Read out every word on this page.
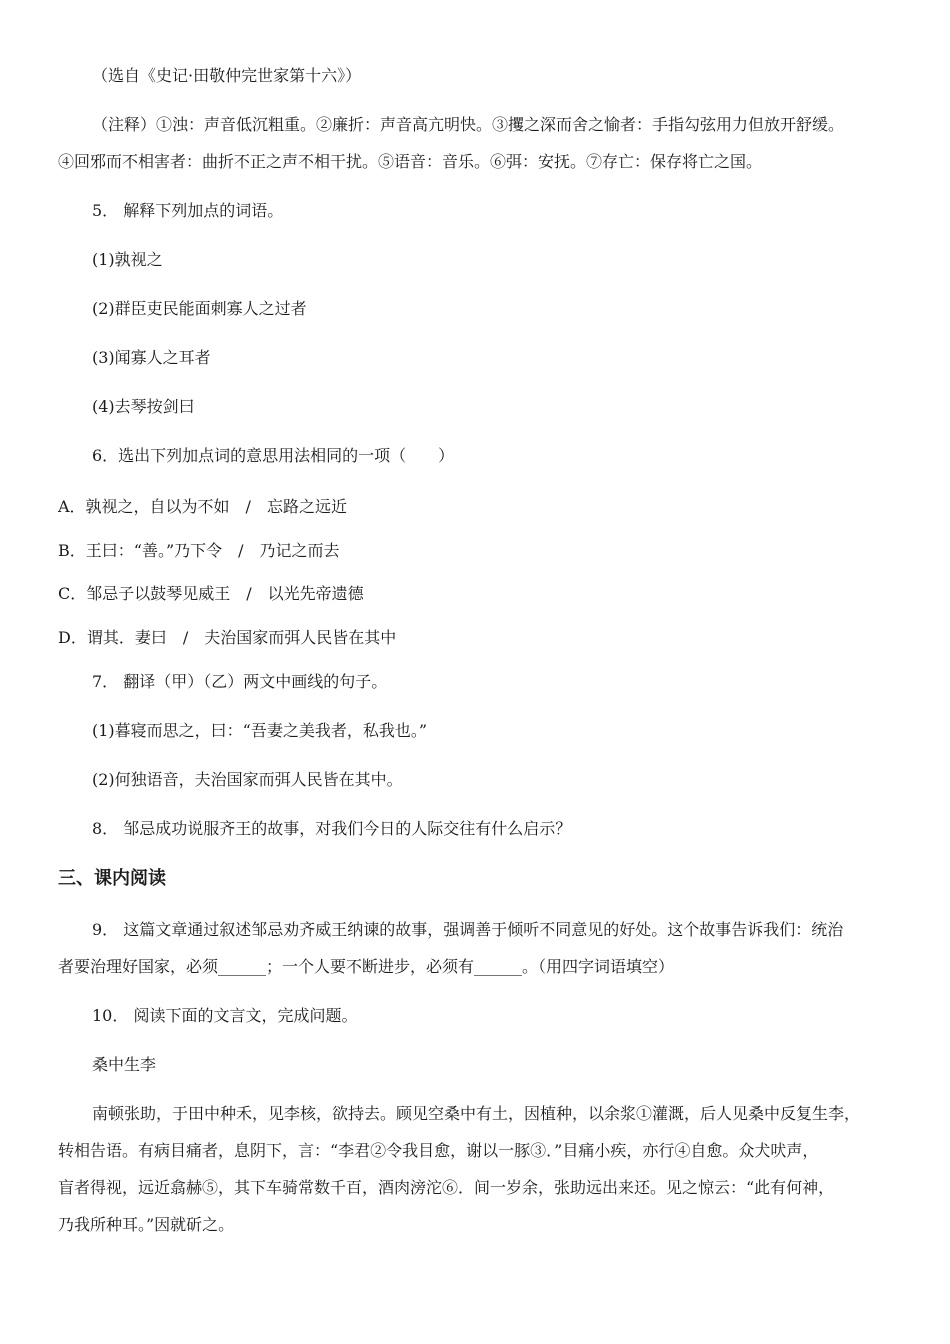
（选自《史记·田敬仲完世家第十六》）
（注释）①浊：声音低沉粗重。②廉折：声音高亢明快。③攫之深而舍之愉者：手指勾弦用力但放开舒缓。
④回邪而不相害者：曲折不正之声不相干扰。⑤语音：音乐。⑥弭：安抚。⑦存亡：保存将亡之国。
5． 解释下列加点的词语。
(1)孰视之
(2)群臣吏民能面刺寡人之过者
(3)闻寡人之耳者
(4)去琴按剑曰
6．选出下列加点词的意思用法相同的一项（　　）
A．孰视之，自以为不如　/　忘路之远近
B．王曰：“善。”乃下令　/　乃记之而去
C．邹忌子以鼓琴见威王　/　以光先帝遗德
D．谓其．妻曰　/　夫治国家而弭人民皆在其中
7． 翻译（甲）（乙）两文中画线的句子。
(1)暮寝而思之，曰：“吾妻之美我者，私我也。”
(2)何独语音，夫治国家而弭人民皆在其中。
8． 邹忌成功说服齐王的故事，对我们今日的人际交往有什么启示？
三、课内阅读
9． 这篇文章通过叙述邹忌劝齐威王纳谏的故事，强调善于倾听不同意见的好处。这个故事告诉我们：统治
者要治理好国家，必须______；一个人要不断进步，必须有______。（用四字词语填空）
10． 阅读下面的文言文，完成问题。
桑中生李
南顿张助，于田中种禾，见李核，欲持去。顾见空桑中有土，因植种，以余浆①灌溉，后人见桑中反复生李，
转相告语。有病目痛者，息阴下，言：“李君②令我目愈，谢以一豚③．”目痛小疾，亦行④自愈。众犬吠声，
盲者得视，远近翕赫⑤，其下车骑常数千百，酒肉滂沱⑥．间一岁余，张助远出来还。见之惊云：“此有何神，
乃我所种耳。”因就斫之。
